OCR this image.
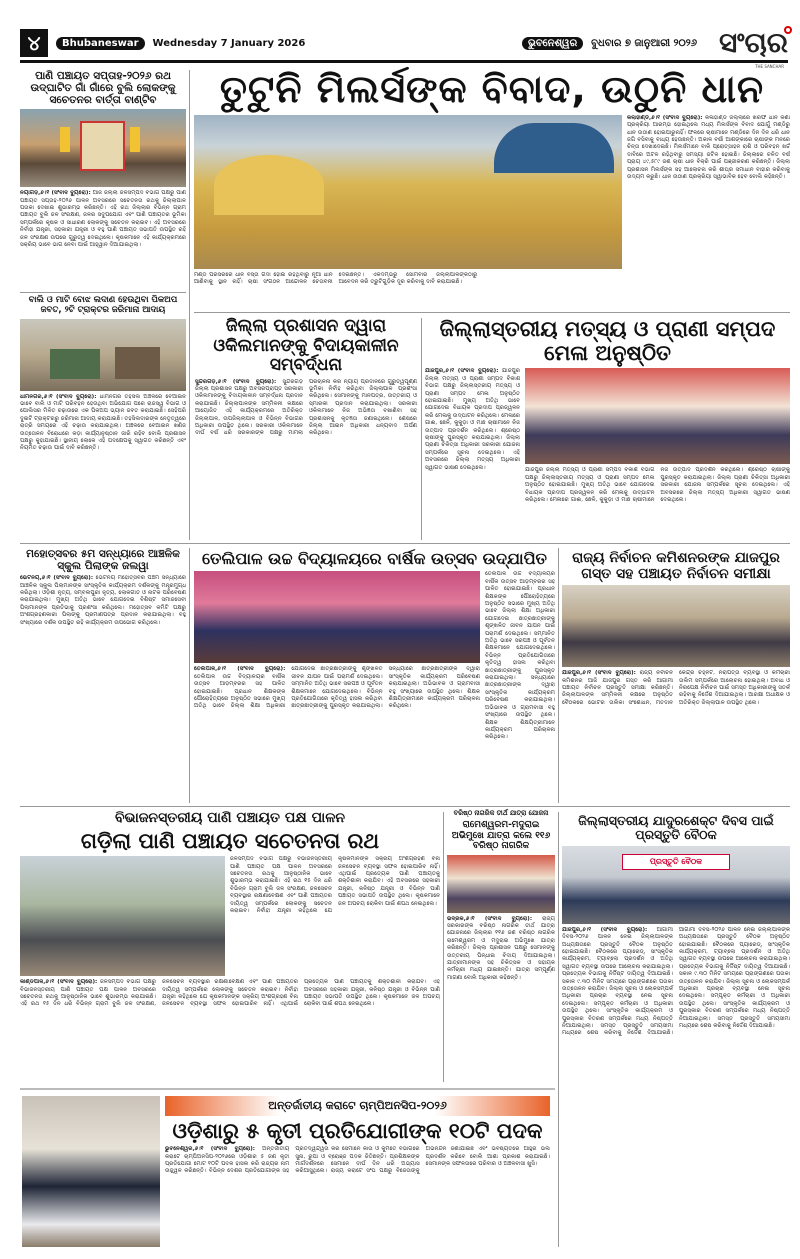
୪	Bhubaneswar	Wednesday 7 January 2026	ଭୁବନେଶ୍ୱର	ବୁଧବାର ୭ ଜାନୁଆରୀ ୨୦୨୬ ସଂଚାର
THE SANCHAR
ପାଣି ପଞ୍ଚାୟତ ସପ୍ତାହ-୨୦୨୬ ରଥ ଉଦ୍‌ଘାଟିତ ଗାଁ ଗାଁରେ ବୁଲି ଲୋକଙ୍କୁ ସଚେତନର ବାର୍ତ୍ତା ବାଣ୍ଟିବ
ନୟାଗଡ଼,୬।୧ (ସଂବାଦ ବ୍ୟୁରୋ): ଆଜି ଜିଲ୍ଲା ଜଳସମ୍ପଦ ବିଭାଗ ପକ୍ଷରୁ ପାଣି ପଞ୍ଚାୟତ ସପ୍ତାହ-୨୦୨୬ ପାଳନ ଅବସରରେ ସଚେତନତା ରଥକୁ ଜିଲ୍ଲାପାଳ ପତାକା ଦେଖାଇ ଶୁଭାରମ୍ଭ କରିଛନ୍ତି। ଏହି ରଥ ଜିଲ୍ଲାର ବିଭିନ୍ନ ଗ୍ରାମ ପଞ୍ଚାୟତ ବୁଲି ଜଳ ସଂରକ୍ଷଣ, ଜଳର ସଦୁପଯୋଗ ଏବଂ ପାଣି ପଞ୍ଚାୟତର ଭୂମିକା ସମ୍ପର୍କରେ କୃଷକ ଓ ସାଧାରଣ ଲୋକଙ୍କୁ ସଚେତନ କରାଇବ। ଏହି ଅବସରରେ ନିର୍ବାହୀ ଯନ୍ତ୍ରୀ, ସହକାରୀ ଯନ୍ତ୍ରୀ ଓ ବହୁ ପାଣି ପଞ୍ଚାୟତ ସଭାପତି ଉପସ୍ଥିତ ରହି ଜଳ ସଂରକ୍ଷଣ ଉପରେ ଗୁରୁତ୍ୱ ଦେଇଥିଲେ। କୃଷକମାନେ ଏହି କାର୍ଯ୍ୟକ୍ରମରେ ସକ୍ରିୟ ଭାବେ ଭାଗ ନେବା ପାଇଁ ଆହ୍ୱାନ ଦିଆଯାଇଥିଲା।
ବାଲି ଓ ମାଟି ବୋଝ ଲଦାଣ ହେଉଥିବା ପିକଅପ ଜବତ, ୨ଟି ଟ୍ରାକ୍ଟର ଜରିମାନା ଆଦାୟ
ଧାମନଗର,୬।୧ (ସଂବାଦ ବ୍ୟୁରୋ): ଧାମନଗର ତହସିଲ ଅଞ୍ଚଳରେ ବେଆଇନ ଭାବେ ବାଲି ଓ ମାଟି ପରିବହନ ହେଉଥିବା ଅଭିଯୋଗ ପରେ ରାଜସ୍ୱ ବିଭାଗ ଓ ପୋଲିସର ମିଳିତ ଚଢ଼ାଉରେ ଏକ ପିକଅପ ଭ୍ୟାନ ଜବତ କରାଯାଇଛି। ସେହିପରି ଦୁଇଟି ଟ୍ରାକ୍ଟରରୁ ଜରିମାନା ଆଦାୟ କରାଯାଇଛି। ତହସିଲଦାରଙ୍କ ନେତୃତ୍ୱରେ ରାତ୍ରି ସମୟରେ ଏହି ଚଢ଼ାଉ କରାଯାଇଥିଲା। ଅଞ୍ଚଳରେ ବେଆଇନ ଖଣିଜ ଉତ୍ତୋଳନ ବିରୋଧରେ କଡ଼ା କାର୍ଯ୍ୟାନୁଷ୍ଠାନ ଜାରି ରହିବ ବୋଲି ପ୍ରଶାସନ ପକ୍ଷରୁ କୁହାଯାଇଛି। ସ୍ଥାନୀୟ ଲୋକେ ଏହି ପଦକ୍ଷେପକୁ ସ୍ୱାଗତ କରିଛନ୍ତି ଏବଂ ନିୟମିତ ଚଢ଼ାଉ ପାଇଁ ଦାବି କରିଛନ୍ତି।
ତୁଟୁନି ମିଲର୍ସଙ୍କ ବିବାଦ, ଉଠୁନି ଧାନ
ମଣ୍ଡି ପରିସରରେ ଧାନ ବସ୍ତା ଗଦା ହୋଇ ରହିଥିବାରୁ ନୂଆ ଧାନ ଆଣିବାକୁ ସ୍ଥାନ ନାହିଁ। ଚାଷୀ ସଂଗଠନ ଆନ୍ଦୋଳନ ଚେତାବନୀ ଦେଇଛନ୍ତି। ଏକଦମ୍ଭରୁ ସୋମବାର ଜିଲ୍ଲାପାଳଙ୍କଠାରୁ ଆବେଦନ କରି ତ୍ରୁଟିଗୁଡ଼ିକ ଦୂର କରିବାକୁ ଦାବି କରାଯାଇଛି।
କଲାହାଣ୍ଡି,୬।୧ (ସଂବାଦ ବ୍ୟୁରୋ): କଳାହାଣ୍ଡି ଜିଲ୍ଲାରେ ଖରିଫ ଧାନ କିଣା ପ୍ରକ୍ରିୟା ଆରମ୍ଭ ହୋଇଥିଲେ ମଧ୍ୟ ମିଲର୍ସଙ୍କ ବିବାଦ ଯୋଗୁଁ ମଣ୍ଡିରୁ ଧାନ ଉଠାଣ ହୋଇପାରୁନାହିଁ। ଫଳରେ ଚାଷୀମାନେ ମଣ୍ଡିରେ ଦିନ ଦିନ ଧରି ଧାନ ଜଗି ବସିବାକୁ ବାଧ୍ୟ ହେଉଛନ୍ତି। ଅକାଳ ବର୍ଷା ଆଶଙ୍କାରେ ଚାଷୀଙ୍କ ମନରେ ଚିନ୍ତା ଦେଖାଦେଇଛି। ମିଲର୍ସମାନେ ବାକି ପ୍ରୋତ୍ସାହନ ରାଶି ଓ ପରିବହନ ଖର୍ଚ୍ଚ ଦାବିରେ ଅଟଳ ରହିଥିବାରୁ ସମସ୍ୟା ଜଟିଳ ହୋଇଛି। ଜିଲ୍ଲାରେ ଚଳିତ ବର୍ଷ ପ୍ରାୟ ୪୯,୫୮୯ ଜଣ ଚାଷୀ ଧାନ ବିକ୍ରି ପାଇଁ ପଞ୍ଜୀକରଣ କରିଛନ୍ତି। ଜିଲ୍ଲା ପ୍ରଶାସନ ମିଲର୍ସଙ୍କ ସହ ଆଲୋଚନା କରି ଶୀଘ୍ର ସମାଧାନ ବାହାର କରିବାକୁ ଉଦ୍ୟମ କରୁଛି। ଧାନ ଉଠାଣ ପ୍ରକ୍ରିୟା ସ୍ୱାଭାବିକ ହେବ ବୋଲି କହିଛନ୍ତି।
ଜିଲ୍ଲା ପ୍ରଶାସନ ଦ୍ୱାରା ଓକିଲମାନଙ୍କୁ ବିଦାୟକାଳୀନ ସମ୍ବର୍ଦ୍ଧନା
ସୁନ୍ଦରଗଡ଼,୬।୧ (ସଂବାଦ ବ୍ୟୁରୋ): ସୁନ୍ଦରଗଡ଼ ଜିଲ୍ଲା ପ୍ରଶାସନ ପକ୍ଷରୁ ଅବସରପ୍ରାପ୍ତ ସରକାରୀ ଓକିଲମାନଙ୍କୁ ବିଦାୟକାଳୀନ ସମ୍ବର୍ଦ୍ଧନା ପ୍ରଦାନ କରାଯାଇଛି। ଜିଲ୍ଲାପାଳଙ୍କ ସମ୍ମିଳନୀ କକ୍ଷରେ ଆୟୋଜିତ ଏହି କାର୍ଯ୍ୟକ୍ରମରେ ଅତିରିକ୍ତ ଜିଲ୍ଲାପାଳ, ଉପଜିଲ୍ଲାପାଳ ଓ ବିଭିନ୍ନ ବିଭାଗର ଅଧିକାରୀ ଉପସ୍ଥିତ ଥିଲେ। ସରକାରୀ ଓକିଲମାନେ ଦୀର୍ଘ ବର୍ଷ ଧରି ସରକାରଙ୍କ ପକ୍ଷରୁ ମାମଲା ପରିଚାଳନା କରି ନ୍ୟାୟ ପ୍ରଦାନରେ ଗୁରୁତ୍ୱପୂର୍ଣ୍ଣ ଭୂମିକା ନିର୍ବାହ କରିଥିବା ଜିଲ୍ଲାପାଳ ପ୍ରଶଂସା କରିଥିଲେ। ସେମାନଙ୍କୁ ମାନପତ୍ର, ଉତ୍ତରୀୟ ଓ ସ୍ମାରକୀ ପ୍ରଦାନ କରାଯାଇଥିଲା। ସରକାରୀ ଓକିଲମାନେ ନିଜ ଅଭିଜ୍ଞତା ବଖାଣିବା ସହ ପ୍ରଶାସନକୁ କୃତଜ୍ଞତା ଜଣାଇଥିଲେ। ଶେଷରେ ଜିଲ୍ଲା ଆଇନ ଅଧିକାରୀ ଧନ୍ୟବାଦ ଅର୍ପଣ କରିଥିଲେ।
ଜିଲ୍ଲାସ୍ତରୀୟ ମତ୍ସ୍ୟ ଓ ପ୍ରାଣୀ ସମ୍ପଦ ମେଳା ଅନୁଷ୍ଠିତ
ଯାଜପୁର,୬।୧ (ସଂବାଦ ବ୍ୟୁରୋ): ଯାଜପୁର ଜିଲ୍ଲା ମତ୍ସ୍ୟ ଓ ପ୍ରାଣୀ ସମ୍ପଦ ବିକାଶ ବିଭାଗ ପକ୍ଷରୁ ଜିଲ୍ଲାସ୍ତରୀୟ ମତ୍ସ୍ୟ ଓ ପ୍ରାଣୀ ସମ୍ପଦ ମେଳା ଅନୁଷ୍ଠିତ ହୋଇଯାଇଛି। ମୁଖ୍ୟ ଅତିଥି ଭାବେ ଯୋଗଦେଇ ବିଧାୟକ ପ୍ରଦୀପ ପ୍ରଜ୍ୱଳନ କରି ମେଳାକୁ ଉଦ୍‌ଘାଟନ କରିଥିଲେ। ମେଳାରେ ଗାଈ, ଛେଳି, କୁକୁଡ଼ା ଓ ମାଛ ଚାଷୀମାନେ ନିଜ ଉତ୍ପାଦ ପ୍ରଦର୍ଶନ କରିଥିଲେ। ଶ୍ରେଷ୍ଠ ଚାଷୀଙ୍କୁ ପୁରସ୍କୃତ କରାଯାଇଥିଲା। ଜିଲ୍ଲା ପ୍ରାଣୀ ଚିକିତ୍ସା ଅଧିକାରୀ ସରକାରୀ ଯୋଜନା ସମ୍ପର୍କରେ ସୂଚନା ଦେଇଥିଲେ। ଏହି ଅବସରରେ ଜିଲ୍ଲା ମତ୍ସ୍ୟ ଅଧିକାରୀ ସ୍ୱାଗତ ଭାଷଣ ଦେଇଥିଲେ।	ଯାଜପୁର ଜିଲ୍ଲା ମତ୍ସ୍ୟ ଓ ପ୍ରାଣୀ ସମ୍ପଦ ବିକାଶ ବିଭାଗ ପକ୍ଷରୁ ଜିଲ୍ଲାସ୍ତରୀୟ ମତ୍ସ୍ୟ ଓ ପ୍ରାଣୀ ସମ୍ପଦ ମେଳା ଅନୁଷ୍ଠିତ ହୋଇଯାଇଛି। ମୁଖ୍ୟ ଅତିଥି ଭାବେ ଯୋଗଦେଇ ବିଧାୟକ ପ୍ରଦୀପ ପ୍ରଜ୍ୱଳନ କରି ମେଳାକୁ ଉଦ୍‌ଘାଟନ କରିଥିଲେ। ମେଳାରେ ଗାଈ, ଛେଳି, କୁକୁଡ଼ା ଓ ମାଛ ଚାଷୀମାନେ ନିଜ ଉତ୍ପାଦ ପ୍ରଦର୍ଶନ କରିଥିଲେ। ଶ୍ରେଷ୍ଠ ଚାଷୀଙ୍କୁ ପୁରସ୍କୃତ କରାଯାଇଥିଲା। ଜିଲ୍ଲା ପ୍ରାଣୀ ଚିକିତ୍ସା ଅଧିକାରୀ ସରକାରୀ ଯୋଜନା ସମ୍ପର୍କରେ ସୂଚନା ଦେଇଥିଲେ। ଏହି ଅବସରରେ ଜିଲ୍ଲା ମତ୍ସ୍ୟ ଅଧିକାରୀ ସ୍ୱାଗତ ଭାଷଣ ଦେଇଥିଲେ।
ମହୋତ୍ସବର ୫ମ ସନ୍ଧ୍ୟାରେ ଆଞ୍ଚଳିକ ସ୍କୁଲ ପିଲାଙ୍କ ଜଲୱା
ଭେଟନୟ,୬।୧ (ସଂବାଦ ବ୍ୟୁରୋ): ଭେଟନୟ ମହୋତ୍ସବର ପଞ୍ଚମ ସନ୍ଧ୍ୟାରେ ଆଞ୍ଚଳିକ ସ୍କୁଲ ପିଲାମାନଙ୍କ ସାଂସ୍କୃତିକ କାର୍ଯ୍ୟକ୍ରମ ଦର୍ଶକଙ୍କୁ ମନ୍ତ୍ରମୁଗ୍ଧ କରିଥିଲା। ଓଡ଼ିଶୀ ନୃତ୍ୟ, ସମ୍ବଲପୁରୀ ନୃତ୍ୟ, ଲୋକଗୀତ ଓ ନାଟକ ପରିବେଷଣ କରାଯାଇଥିଲା। ମୁଖ୍ୟ ଅତିଥି ଭାବେ ଯୋଗଦେଇ ବିଶିଷ୍ଟ ସମାଜସେବୀ ପିଲାମାନଙ୍କ ପ୍ରତିଭାକୁ ପ୍ରଶଂସା କରିଥିଲେ। ମହୋତ୍ସବ କମିଟି ପକ୍ଷରୁ ଅଂଶଗ୍ରହଣକାରୀ ପିଲାଙ୍କୁ ପ୍ରମାଣପତ୍ର ପ୍ରଦାନ କରାଯାଇଥିଲା। ବହୁ ସଂଖ୍ୟାରେ ଦର୍ଶକ ଉପସ୍ଥିତ ରହି କାର୍ଯ୍ୟକ୍ରମ ଉପଭୋଗ କରିଥିଲେ।
ତେଲିପାଳ ଉଚ୍ଚ ବିଦ୍ୟାଳୟରେ ବାର୍ଷିକ ଉତ୍ସବ ଉଦ୍‌ଯାପିତ
ତେଲିପାଳ,୬।୧ (ସଂବାଦ ବ୍ୟୁରୋ): ତେଲିପାଳ ଉଚ୍ଚ ବିଦ୍ୟାଳୟର ବାର୍ଷିକ ଉତ୍ସବ ଆଡ଼ମ୍ବରର ସହ ପାଳିତ ହୋଇଯାଇଛି। ପ୍ରଧାନ ଶିକ୍ଷକଙ୍କ ପୌରୋହିତ୍ୟରେ ଅନୁଷ୍ଠିତ ସଭାରେ ମୁଖ୍ୟ ଅତିଥି ଭାବେ ଜିଲ୍ଲା ଶିକ୍ଷା ଅଧିକାରୀ ଯୋଗଦେଇ ଛାତ୍ରଛାତ୍ରୀଙ୍କୁ ଶୃଙ୍ଖଳିତ ଜୀବନ ଯାପନ ପାଇଁ ପରାମର୍ଶ ଦେଇଥିଲେ। ସମ୍ମାନିତ ଅତିଥି ଭାବେ ସରପଞ୍ଚ ଓ ପୂର୍ବତନ ଶିକ୍ଷକମାନେ ଯୋଗଦେଇଥିଲେ। ବିଭିନ୍ନ ପ୍ରତିଯୋଗିତାରେ କୃତିତ୍ୱ ହାସଲ କରିଥିବା ଛାତ୍ରଛାତ୍ରୀଙ୍କୁ ପୁରସ୍କୃତ କରାଯାଇଥିଲା। ସନ୍ଧ୍ୟାରେ ଛାତ୍ରଛାତ୍ରୀଙ୍କ ଦ୍ୱାରା ସାଂସ୍କୃତିକ କାର୍ଯ୍ୟକ୍ରମ ପରିବେଷଣ କରାଯାଇଥିଲା। ଅଭିଭାବକ ଓ ଗ୍ରାମବାସୀ ବହୁ ସଂଖ୍ୟାରେ ଉପସ୍ଥିତ ଥିଲେ। ଶିକ୍ଷକ ଶିକ୍ଷୟିତ୍ରୀମାନେ କାର୍ଯ୍ୟକ୍ରମ ପରିଚାଳନା କରିଥିଲେ।
ତେଲିପାଳ ଉଚ୍ଚ ବିଦ୍ୟାଳୟର ବାର୍ଷିକ ଉତ୍ସବ ଆଡ଼ମ୍ବରର ସହ ପାଳିତ ହୋଇଯାଇଛି। ପ୍ରଧାନ ଶିକ୍ଷକଙ୍କ ପୌରୋହିତ୍ୟରେ ଅନୁଷ୍ଠିତ ସଭାରେ ମୁଖ୍ୟ ଅତିଥି ଭାବେ ଜିଲ୍ଲା ଶିକ୍ଷା ଅଧିକାରୀ ଯୋଗଦେଇ ଛାତ୍ରଛାତ୍ରୀଙ୍କୁ ଶୃଙ୍ଖଳିତ ଜୀବନ ଯାପନ ପାଇଁ ପରାମର୍ଶ ଦେଇଥିଲେ। ସମ୍ମାନିତ ଅତିଥି ଭାବେ ସରପଞ୍ଚ ଓ ପୂର୍ବତନ ଶିକ୍ଷକମାନେ ଯୋଗଦେଇଥିଲେ। ବିଭିନ୍ନ ପ୍ରତିଯୋଗିତାରେ କୃତିତ୍ୱ ହାସଲ କରିଥିବା ଛାତ୍ରଛାତ୍ରୀଙ୍କୁ ପୁରସ୍କୃତ କରାଯାଇଥିଲା। ସନ୍ଧ୍ୟାରେ ଛାତ୍ରଛାତ୍ରୀଙ୍କ ଦ୍ୱାରା ସାଂସ୍କୃତିକ କାର୍ଯ୍ୟକ୍ରମ ପରିବେଷଣ କରାଯାଇଥିଲା। ଅଭିଭାବକ ଓ ଗ୍ରାମବାସୀ ବହୁ ସଂଖ୍ୟାରେ ଉପସ୍ଥିତ ଥିଲେ। ଶିକ୍ଷକ ଶିକ୍ଷୟିତ୍ରୀମାନେ କାର୍ଯ୍ୟକ୍ରମ ପରିଚାଳନା କରିଥିଲେ।
ରାଜ୍ୟ ନିର୍ବାଚନ କମିଶନରଙ୍କ ଯାଜପୁର ଗସ୍ତ ସହ ପଞ୍ଚାୟତ ନିର୍ବାଚନ ସମୀକ୍ଷା
ଯାଜପୁର,୬।୧ (ସଂବାଦ ବ୍ୟୁରୋ): ରାଜ୍ୟ ନିର୍ବାଚନ କମିଶନର ଆଜି ଯାଜପୁର ଗସ୍ତ କରି ଆଗାମୀ ପଞ୍ଚାୟତ ନିର୍ବାଚନ ପ୍ରସ୍ତୁତି ସମୀକ୍ଷା କରିଛନ୍ତି। ଜିଲ୍ଲାପାଳଙ୍କ ସମ୍ମିଳନୀ କକ୍ଷରେ ଅନୁଷ୍ଠିତ ବୈଠକରେ ଭୋଟର ତାଲିକା ସଂଶୋଧନ, ମତଦାନ କେନ୍ଦ୍ର ଚିହ୍ନଟ, ନିରାପତ୍ତା ବ୍ୟବସ୍ଥା ଓ କର୍ମଚାରୀ ତାଲିମ ସମ୍ପର୍କରେ ଆଲୋଚନା ହୋଇଥିଲା। ଅବାଧ ଓ ନିରପେକ୍ଷ ନିର୍ବାଚନ ପାଇଁ ସମସ୍ତ ଅଧିକାରୀଙ୍କୁ ସତର୍କ ରହିବାକୁ ନିର୍ଦ୍ଦେଶ ଦିଆଯାଇଥିଲା। ଆରକ୍ଷୀ ଅଧୀକ୍ଷକ ଓ ଅତିରିକ୍ତ ଜିଲ୍ଲାପାଳ ଉପସ୍ଥିତ ଥିଲେ।
ବିଭାଜନସ୍ତରୀୟ ପାଣି ପଞ୍ଚାୟତ ପକ୍ଷ ପାଳନ
ଗଡ଼ିଲା ପାଣି ପଞ୍ଚାୟତ ସଚେତନତା ରଥ
ଜଳସମ୍ପଦ ବିଭାଗ ପକ୍ଷରୁ ବିଭାଜନସ୍ତରୀୟ ପାଣି ପଞ୍ଚାୟତ ପକ୍ଷ ପାଳନ ଅବସରରେ ସଚେତନତା ରଥକୁ ଆନୁଷ୍ଠାନିକ ଭାବେ ଶୁଭାରମ୍ଭ କରାଯାଇଛି। ଏହି ରଥ ୧୫ ଦିନ ଧରି ବିଭିନ୍ନ ଗ୍ରାମ ବୁଲି ଜଳ ସଂରକ୍ଷଣ, ଜଳସେଚନ ବ୍ୟବସ୍ଥାର ରକ୍ଷଣାବେକ୍ଷଣ ଏବଂ ପାଣି ପଞ୍ଚାୟତର ଦାୟିତ୍ୱ ସମ୍ପର୍କରେ ଲୋକଙ୍କୁ ସଚେତନ କରାଇବ। ନିର୍ବାହୀ ଯନ୍ତ୍ରୀ କହିଥିଲେ ଯେ କୃଷକମାନଙ୍କ ସକ୍ରିୟ ଅଂଶଗ୍ରହଣ ବିନା ଜଳସେଚନ ବ୍ୟବସ୍ଥା ସଫଳ ହୋଇପାରିବ ନାହିଁ। ଏଥିପାଇଁ ପ୍ରତ୍ୟେକ ପାଣି ପଞ୍ଚାୟତକୁ ଶକ୍ତିଶାଳୀ କରାଯିବ। ଏହି ଅବସରରେ ସହକାରୀ ଯନ୍ତ୍ରୀ, କନିଷ୍ଠ ଯନ୍ତ୍ରୀ ଓ ବିଭିନ୍ନ ପାଣି ପଞ୍ଚାୟତ ସଭାପତି ଉପସ୍ଥିତ ଥିଲେ। କୃଷକମାନେ ଜଳ ଅପଚୟ ରୋକିବା ପାଇଁ ଶପଥ ନେଇଥିଲେ।
କାଣ୍ଡପାଳ,୬।୧ (ସଂବାଦ ବ୍ୟୁରୋ): ଜଳସମ୍ପଦ ବିଭାଗ ପକ୍ଷରୁ ବିଭାଜନସ୍ତରୀୟ ପାଣି ପଞ୍ଚାୟତ ପକ୍ଷ ପାଳନ ଅବସରରେ ସଚେତନତା ରଥକୁ ଆନୁଷ୍ଠାନିକ ଭାବେ ଶୁଭାରମ୍ଭ କରାଯାଇଛି। ଏହି ରଥ ୧୫ ଦିନ ଧରି ବିଭିନ୍ନ ଗ୍ରାମ ବୁଲି ଜଳ ସଂରକ୍ଷଣ, ଜଳସେଚନ ବ୍ୟବସ୍ଥାର ରକ୍ଷଣାବେକ୍ଷଣ ଏବଂ ପାଣି ପଞ୍ଚାୟତର ଦାୟିତ୍ୱ ସମ୍ପର୍କରେ ଲୋକଙ୍କୁ ସଚେତନ କରାଇବ। ନିର୍ବାହୀ ଯନ୍ତ୍ରୀ କହିଥିଲେ ଯେ କୃଷକମାନଙ୍କ ସକ୍ରିୟ ଅଂଶଗ୍ରହଣ ବିନା ଜଳସେଚନ ବ୍ୟବସ୍ଥା ସଫଳ ହୋଇପାରିବ ନାହିଁ। ଏଥିପାଇଁ ପ୍ରତ୍ୟେକ ପାଣି ପଞ୍ଚାୟତକୁ ଶକ୍ତିଶାଳୀ କରାଯିବ। ଏହି ଅବସରରେ ସହକାରୀ ଯନ୍ତ୍ରୀ, କନିଷ୍ଠ ଯନ୍ତ୍ରୀ ଓ ବିଭିନ୍ନ ପାଣି ପଞ୍ଚାୟତ ସଭାପତି ଉପସ୍ଥିତ ଥିଲେ। କୃଷକମାନେ ଜଳ ଅପଚୟ ରୋକିବା ପାଇଁ ଶପଥ ନେଇଥିଲେ।
ବରିଷ୍ଠ ନାଗରିକ ତୀର୍ଥ ଯାତ୍ରା ଯୋଜନା
ରାମେଶ୍ୱରମ-ମଦୁରାଇ ଅଭିମୁଖେ ଯାତ୍ରା କଲେ ୧୧୬ ବରିଷ୍ଠ ନାଗରିକ
ଭଦ୍ରକ,୬।୧ (ସଂବାଦ ବ୍ୟୁରୋ): ରାଜ୍ୟ ସରକାରଙ୍କ ବରିଷ୍ଠ ନାଗରିକ ତୀର୍ଥ ଯାତ୍ରା ଯୋଜନାରେ ଜିଲ୍ଲାର ୧୧୬ ଜଣ ବରିଷ୍ଠ ନାଗରିକ ରାମେଶ୍ୱରମ ଓ ମଦୁରାଇ ଅଭିମୁଖେ ଯାତ୍ରା କରିଛନ୍ତି। ଜିଲ୍ଲା ପ୍ରଶାସନ ପକ୍ଷରୁ ସେମାନଙ୍କୁ ଉତ୍ତରୀୟ ପିନ୍ଧାଇ ବିଦାୟ ଦିଆଯାଇଥିଲା। ଯାତ୍ରୀମାନଙ୍କ ସହ ଚିକିତ୍ସକ ଓ ସହାୟକ କର୍ମଚାରୀ ମଧ୍ୟ ଯାଇଛନ୍ତି। ଯାତ୍ରା ସମ୍ପୂର୍ଣ୍ଣ ମାଗଣା ବୋଲି ଅଧିକାରୀ କହିଛନ୍ତି।
ଜିଲ୍ଲାସ୍ତରୀୟ ଯାଦୁରଶେକ୍ଟ ଦିବସ ପାଇଁ ପ୍ରସ୍ତୁତି ବୈଠକ
ପ୍ରସ୍ତୁତି ବୈଠକ
ଯାଜପୁର,୬।୧ (ସଂବାଦ ବ୍ୟୁରୋ): ଆଗାମୀ ଦିବସ-୨୦୨୬ ପାଳନ ନେଇ ଜିଲ୍ଲାପାଳଙ୍କ ଅଧ୍ୟକ୍ଷତାରେ ପ୍ରସ୍ତୁତି ବୈଠକ ଅନୁଷ୍ଠିତ ହୋଇଯାଇଛି। ବୈଠକରେ ପ୍ୟାରେଡ୍, ସାଂସ୍କୃତିକ କାର୍ଯ୍ୟକ୍ରମ, ଟ୍ୟାବ୍ଲୋ ପ୍ରଦର୍ଶନ ଓ ଅତିଥି ସ୍ୱାଗତ ବ୍ୟବସ୍ଥା ଉପରେ ଆଲୋଚନା କରାଯାଇଥିଲା। ପ୍ରତ୍ୟେକ ବିଭାଗକୁ ନିର୍ଦ୍ଦିଷ୍ଟ ଦାୟିତ୍ୱ ଦିଆଯାଇଛି। ସକାଳ ୯.୩୦ ମିନିଟ ସମୟରେ ପ୍ରାଙ୍ଗଣରେ ପତାକା ଉତ୍ତୋଳନ କରାଯିବ। ଜିଲ୍ଲା ସୂଚନା ଓ ଲୋକସମ୍ପର୍କ ଅଧିକାରୀ ପ୍ରଚାର ବ୍ୟବସ୍ଥା ନେଇ ସୂଚନା ଦେଇଥିଲେ। ସମ୍ପୃକ୍ତ କର୍ମଚାରୀ ଓ ଅଧିକାରୀ ଉପସ୍ଥିତ ଥିଲେ। ସାଂସ୍କୃତିକ କାର୍ଯ୍ୟକ୍ରମ ଓ ପୁରସ୍କାର ବିତରଣ ସମ୍ପର୍କରେ ମଧ୍ୟ ନିଷ୍ପତ୍ତି ନିଆଯାଇଥିଲା। ସମସ୍ତ ପ୍ରସ୍ତୁତି ସମୟସୀମା ମଧ୍ୟରେ ଶେଷ କରିବାକୁ ନିର୍ଦ୍ଦେଶ ଦିଆଯାଇଛି। ଆଗାମୀ ଦିବସ-୨୦୨୬ ପାଳନ ନେଇ ଜିଲ୍ଲାପାଳଙ୍କ ଅଧ୍ୟକ୍ଷତାରେ ପ୍ରସ୍ତୁତି ବୈଠକ ଅନୁଷ୍ଠିତ ହୋଇଯାଇଛି। ବୈଠକରେ ପ୍ୟାରେଡ୍, ସାଂସ୍କୃତିକ କାର୍ଯ୍ୟକ୍ରମ, ଟ୍ୟାବ୍ଲୋ ପ୍ରଦର୍ଶନ ଓ ଅତିଥି ସ୍ୱାଗତ ବ୍ୟବସ୍ଥା ଉପରେ ଆଲୋଚନା କରାଯାଇଥିଲା। ପ୍ରତ୍ୟେକ ବିଭାଗକୁ ନିର୍ଦ୍ଦିଷ୍ଟ ଦାୟିତ୍ୱ ଦିଆଯାଇଛି। ସକାଳ ୯.୩୦ ମିନିଟ ସମୟରେ ପ୍ରାଙ୍ଗଣରେ ପତାକା ଉତ୍ତୋଳନ କରାଯିବ। ଜିଲ୍ଲା ସୂଚନା ଓ ଲୋକସମ୍ପର୍କ ଅଧିକାରୀ ପ୍ରଚାର ବ୍ୟବସ୍ଥା ନେଇ ସୂଚନା ଦେଇଥିଲେ। ସମ୍ପୃକ୍ତ କର୍ମଚାରୀ ଓ ଅଧିକାରୀ ଉପସ୍ଥିତ ଥିଲେ। ସାଂସ୍କୃତିକ କାର୍ଯ୍ୟକ୍ରମ ଓ ପୁରସ୍କାର ବିତରଣ ସମ୍ପର୍କରେ ମଧ୍ୟ ନିଷ୍ପତ୍ତି ନିଆଯାଇଥିଲା। ସମସ୍ତ ପ୍ରସ୍ତୁତି ସମୟସୀମା ମଧ୍ୟରେ ଶେଷ କରିବାକୁ ନିର୍ଦ୍ଦେଶ ଦିଆଯାଇଛି।
ଅନ୍ତର୍ଜାତୀୟ କରାଟେ ଚାମ୍ପିଅନସିପ-୨୦୨୬
ଓଡ଼ିଶାରୁ ୫ କୃତୀ ପ୍ରତିଯୋଗୀଙ୍କ ୧୦ଟି ପଦକ
ଭୁବନେଶ୍ୱର,୬।୧ (ସଂବାଦ ବ୍ୟୁରୋ): ଅନ୍ତର୍ଜାତୀୟ କରାଟେ ଚାମ୍ପିଅନସିପ-୨୦୨୬ରେ ଓଡ଼ିଶାର ୫ ଜଣ କୃତୀ ପ୍ରତିଯୋଗୀ ମୋଟ ୧୦ଟି ପଦକ ହାସଲ କରି ରାଜ୍ୟର ନାମ ଉଜ୍ଜ୍ୱଳ କରିଛନ୍ତି। ବିଭିନ୍ନ ଦେଶର ପ୍ରତିଯୋଗୀଙ୍କ ସହ ପ୍ରତିଦ୍ୱନ୍ଦ୍ୱିତା କରି ସେମାନେ କାତା ଓ କୁମିତେ ବିଭାଗରେ ସୁନା, ରୁପା ଓ ବ୍ରୋଞ୍ଜ ପଦକ ଜିତିଛନ୍ତି। ପ୍ରଶିକ୍ଷକଙ୍କ ମାର୍ଗଦର୍ଶନରେ ସେମାନେ ଦୀର୍ଘ ଦିନ ଧରି ଅଭ୍ୟାସ କରିଆସୁଥିଲେ। ରାଜ୍ୟ କରାଟେ ସଂଘ ପକ୍ଷରୁ ବିଜେତାଙ୍କୁ ଅଭିନନ୍ଦନ ଜଣାଯାଇଛି ଏବଂ ଭବିଷ୍ୟତରେ ଆହୁରି ଭଲ ପ୍ରଦର୍ଶନ କରିବେ ବୋଲି ଆଶା ପ୍ରକାଶ କରାଯାଇଛି। ସେମାନଙ୍କ ସଫଳତାରେ ପରିବାର ଓ ଅଞ୍ଚଳବାସୀ ଖୁସି।
